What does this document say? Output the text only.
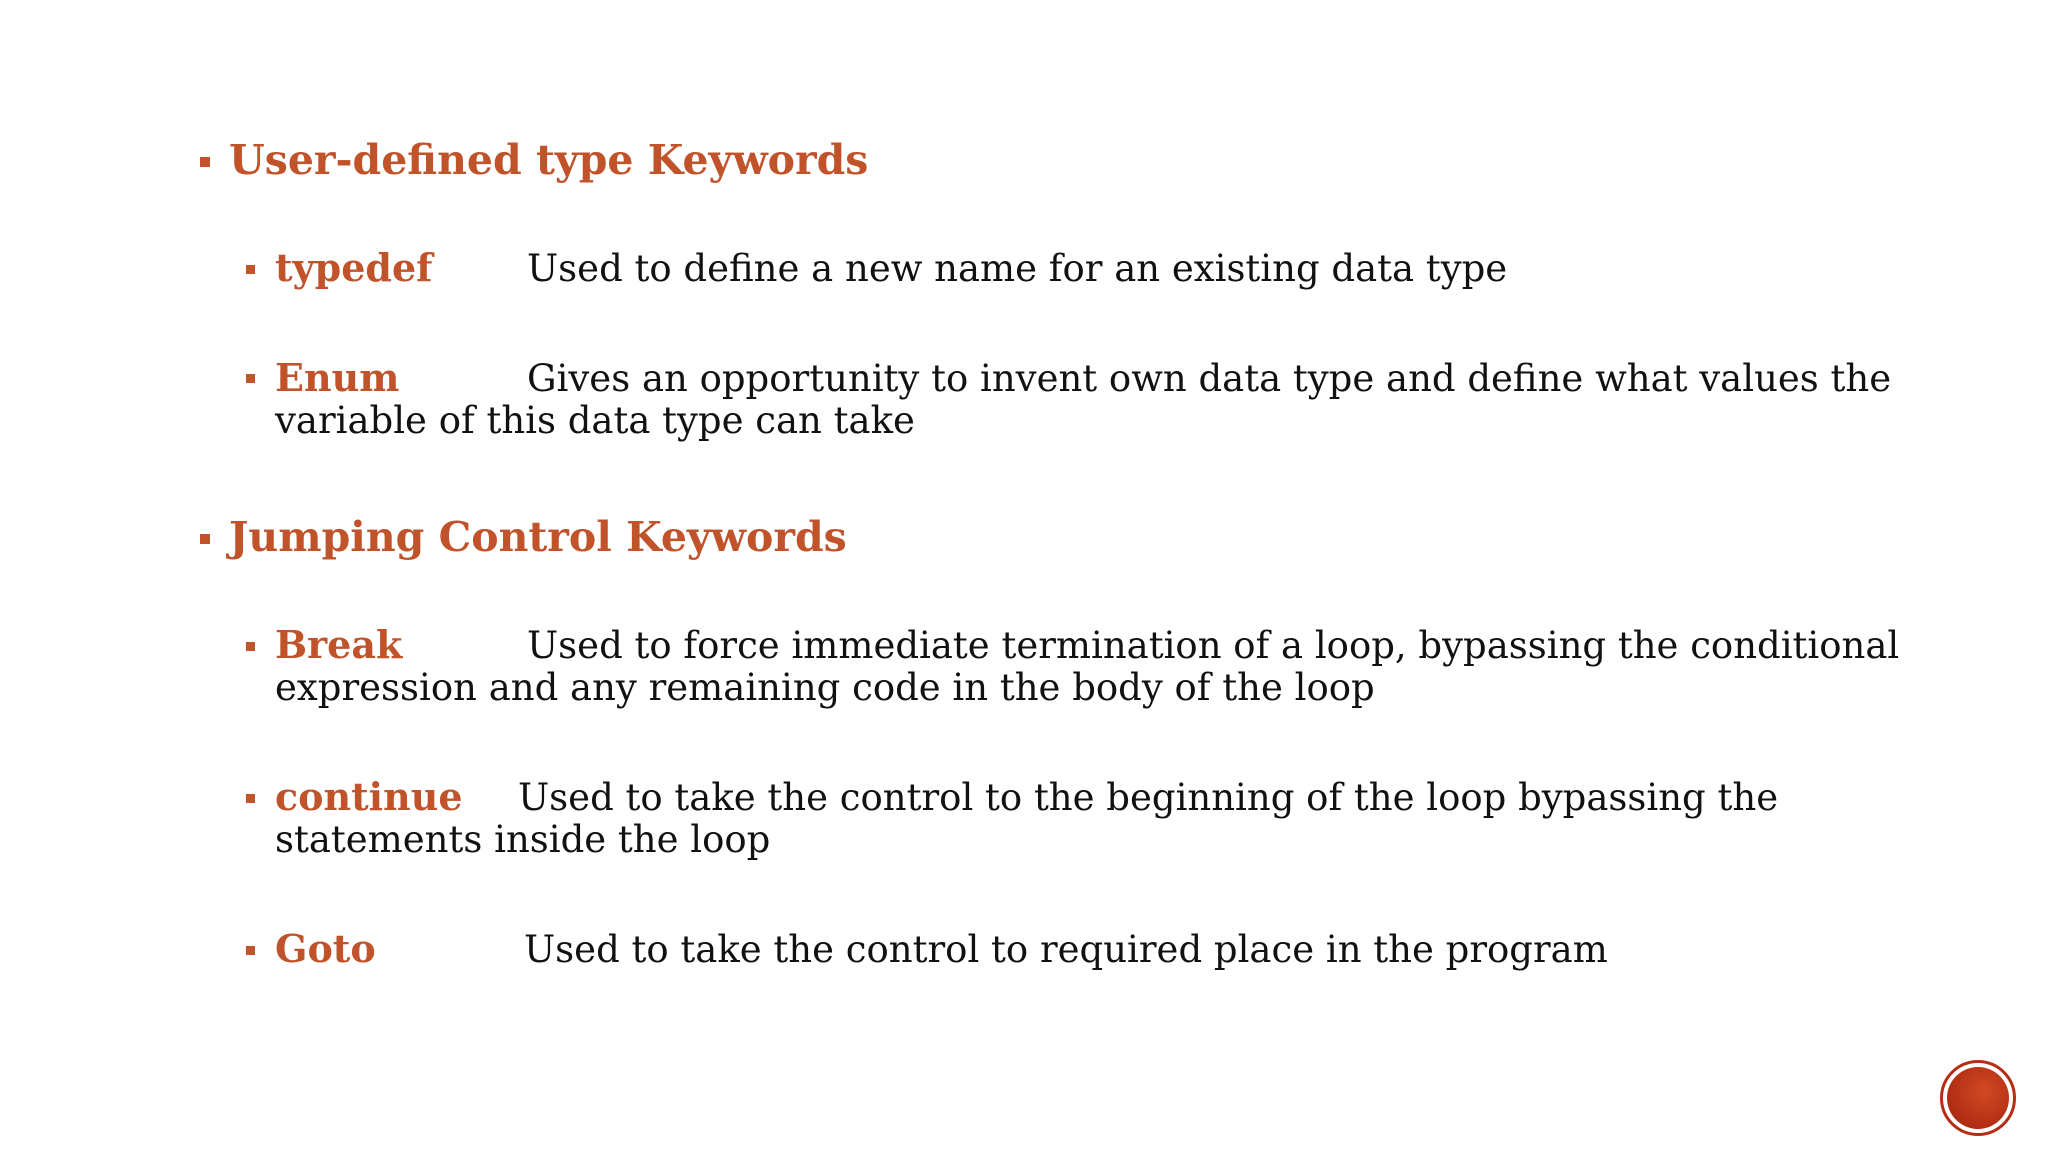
User-defined type Keywords
typedef	Used to define a new name for an existing data type
Enum	Gives an opportunity to invent own data type and define what values the
variable of this data type can take
Jumping Control Keywords
Break	Used to force immediate termination of a loop, bypassing the conditional
expression and any remaining code in the body of the loop
continue Used to take the control to the beginning of the loop bypassing the
statements inside the loop
Goto	Used to take the control to required place in the program
